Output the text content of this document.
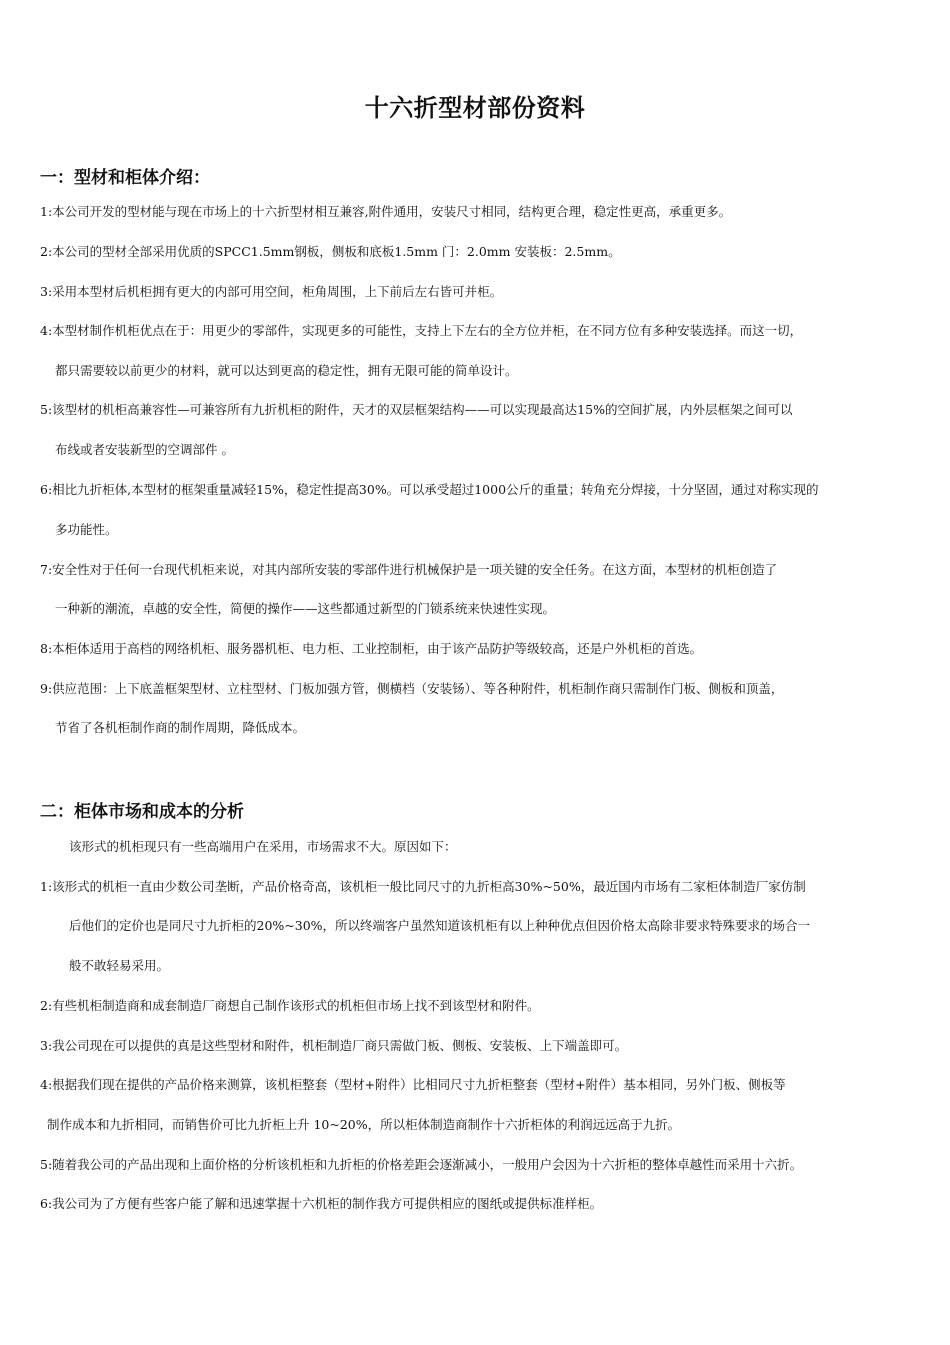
十六折型材部份资料
一：型材和柜体介绍：
1:本公司开发的型材能与现在市场上的十六折型材相互兼容,附件通用，安装尺寸相同，结构更合理，稳定性更高，承重更多。
2:本公司的型材全部采用优质的SPCC1.5mm钢板，侧板和底板1.5mm 门：2.0mm 安装板：2.5mm。
3:采用本型材后机柜拥有更大的内部可用空间，柜角周围，上下前后左右皆可并柜。
4:本型材制作机柜优点在于：用更少的零部件，实现更多的可能性，支持上下左右的全方位并柜，在不同方位有多种安装选择。而这一切，
都只需要较以前更少的材料，就可以达到更高的稳定性，拥有无限可能的简单设计。
5:该型材的机柜高兼容性—可兼容所有九折机柜的附件，天才的双层框架结构——可以实现最高达15%的空间扩展，内外层框架之间可以
布线或者安装新型的空调部件 。
6:相比九折柜体,本型材的框架重量减轻15%，稳定性提高30%。可以承受超过1000公斤的重量；转角充分焊接，十分坚固，通过对称实现的
多功能性。
7:安全性对于任何一台现代机柜来说，对其内部所安装的零部件进行机械保护是一项关键的安全任务。在这方面，本型材的机柜创造了
一种新的潮流，卓越的安全性，简便的操作——这些都通过新型的门锁系统来快速性实现。
8:本柜体适用于高档的网络机柜、服务器机柜、电力柜、工业控制柜，由于该产品防护等级较高，还是户外机柜的首选。
9:供应范围：上下底盖框架型材、立柱型材、门板加强方管，侧横档（安装钖）、等各种附件，机柜制作商只需制作门板、侧板和顶盖，
节省了各机柜制作商的制作周期，降低成本。
二：柜体市场和成本的分析
该形式的机柜现只有一些高端用户在采用，市场需求不大。原因如下：
1:该形式的机柜一直由少数公司垄断，产品价格奇高，该机柜一般比同尺寸的九折柜高30%~50%，最近国内市场有二家柜体制造厂家仿制
后他们的定价也是同尺寸九折柜的20%~30%，所以终端客户虽然知道该机柜有以上种种优点但因价格太高除非要求特殊要求的场合一
般不敢轻易采用。
2:有些机柜制造商和成套制造厂商想自己制作该形式的机柜但市场上找不到该型材和附件。
3:我公司现在可以提供的真是这些型材和附件，机柜制造厂商只需做门板、侧板、安装板、上下端盖即可。
4:根据我们现在提供的产品价格来测算，该机柜整套（型材+附件）比相同尺寸九折柜整套（型材+附件）基本相同，另外门板、侧板等
制作成本和九折相同，而销售价可比九折柜上升 10~20%，所以柜体制造商制作十六折柜体的利润远远高于九折。
5:随着我公司的产品出现和上面价格的分析该机柜和九折柜的价格差距会逐渐减小，一般用户会因为十六折柜的整体卓越性而采用十六折。
6:我公司为了方便有些客户能了解和迅速掌握十六机柜的制作我方可提供相应的图纸或提供标准样柜。
